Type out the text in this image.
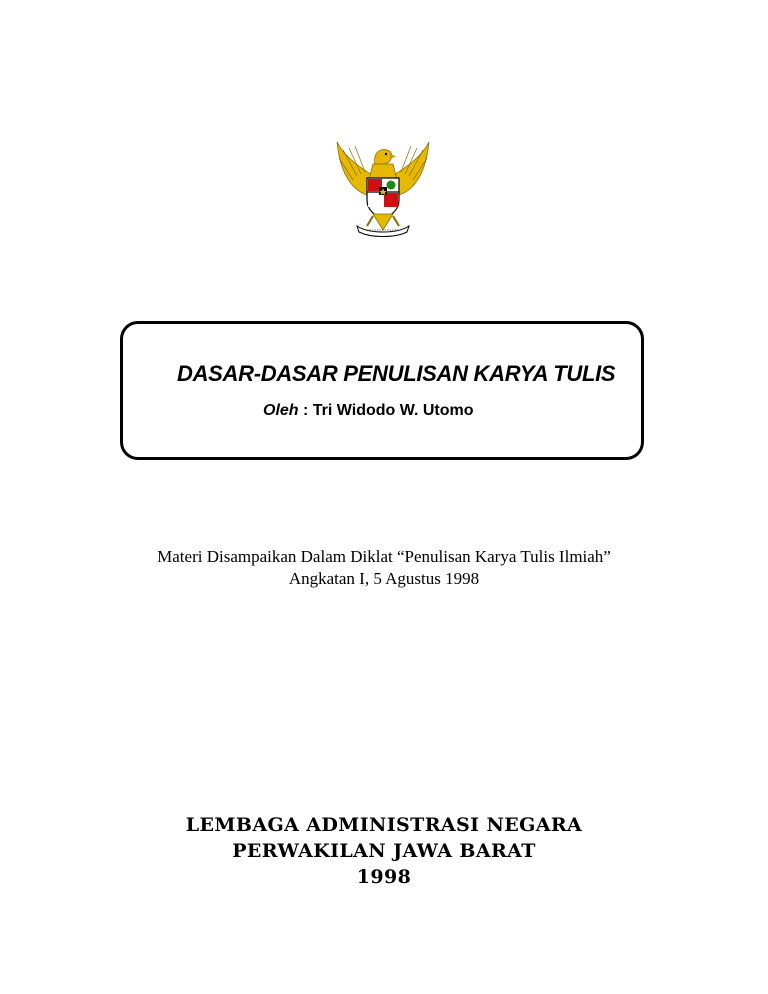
DASAR-DASAR PENULISAN KARYA TULIS
Oleh : Tri Widodo W. Utomo
Materi Disampaikan Dalam Diklat “Penulisan Karya Tulis Ilmiah”
Angkatan I, 5 Agustus 1998
LEMBAGA ADMINISTRASI NEGARA
PERWAKILAN JAWA BARAT
1998
